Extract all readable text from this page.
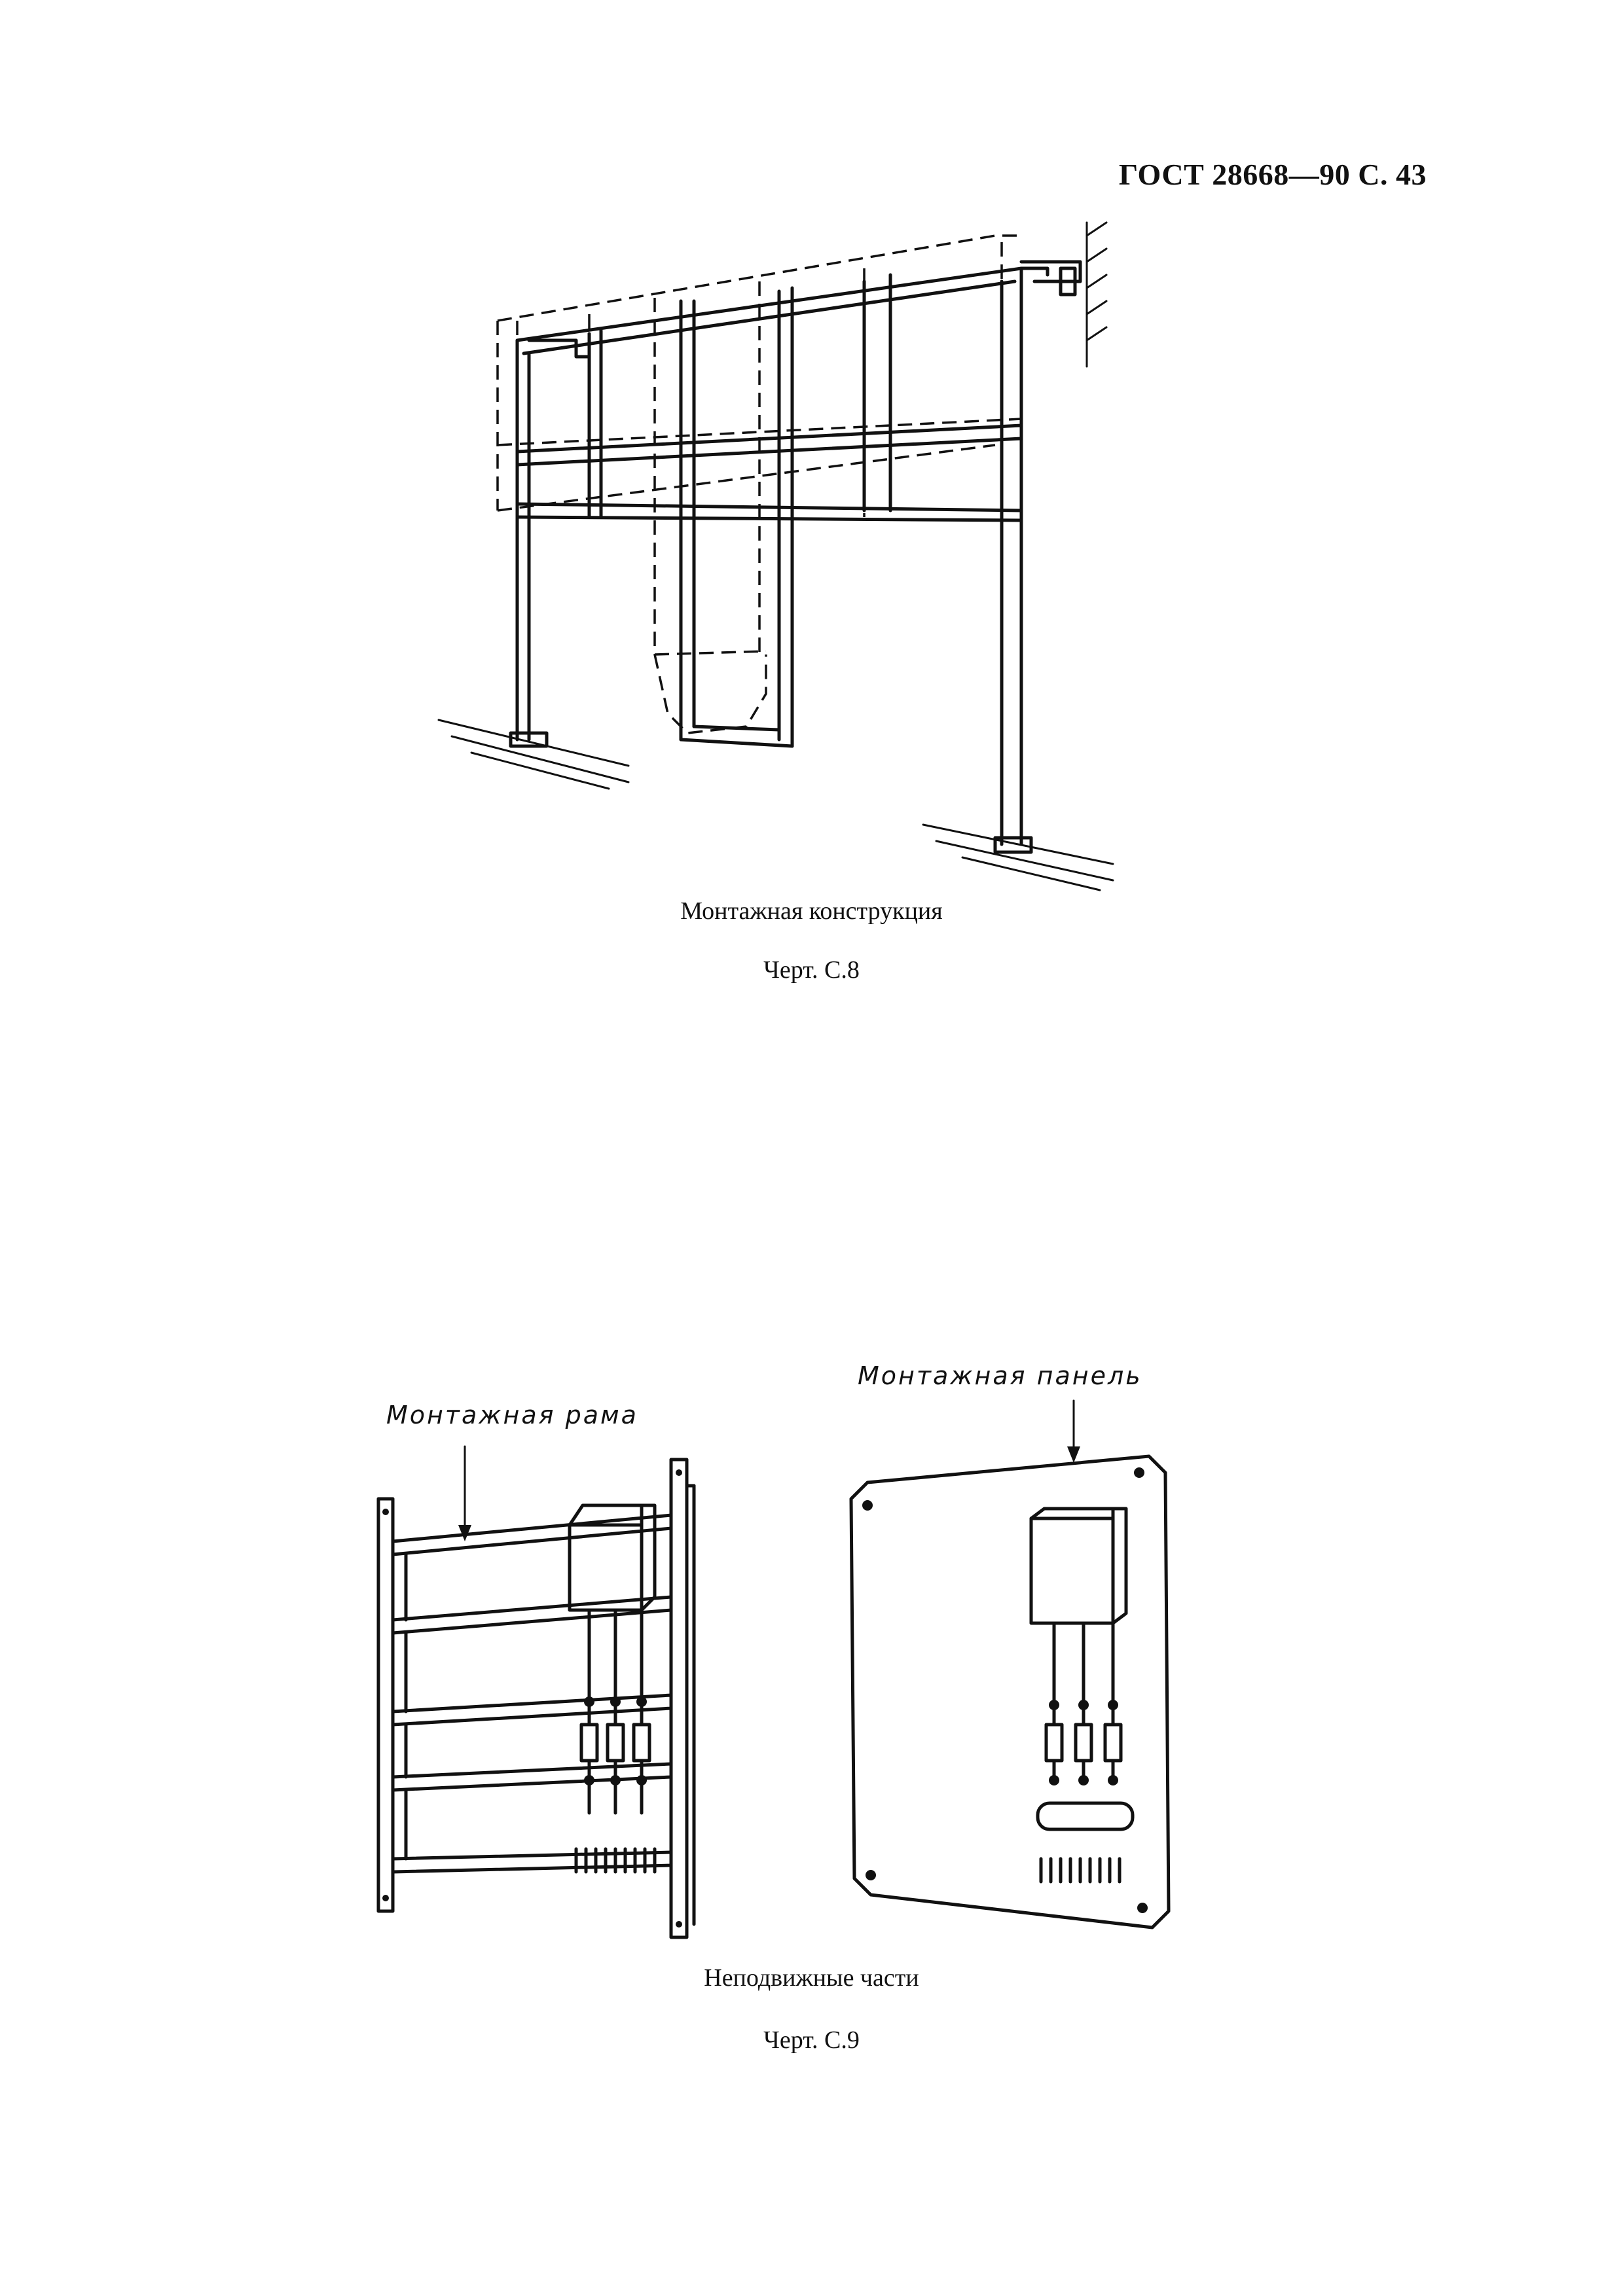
ГОСТ 28668—90 С. 43
Монтажная конструкция
Черт. С.8
Монтажная рама
Монтажная панель
Неподвижные части
Черт. С.9
